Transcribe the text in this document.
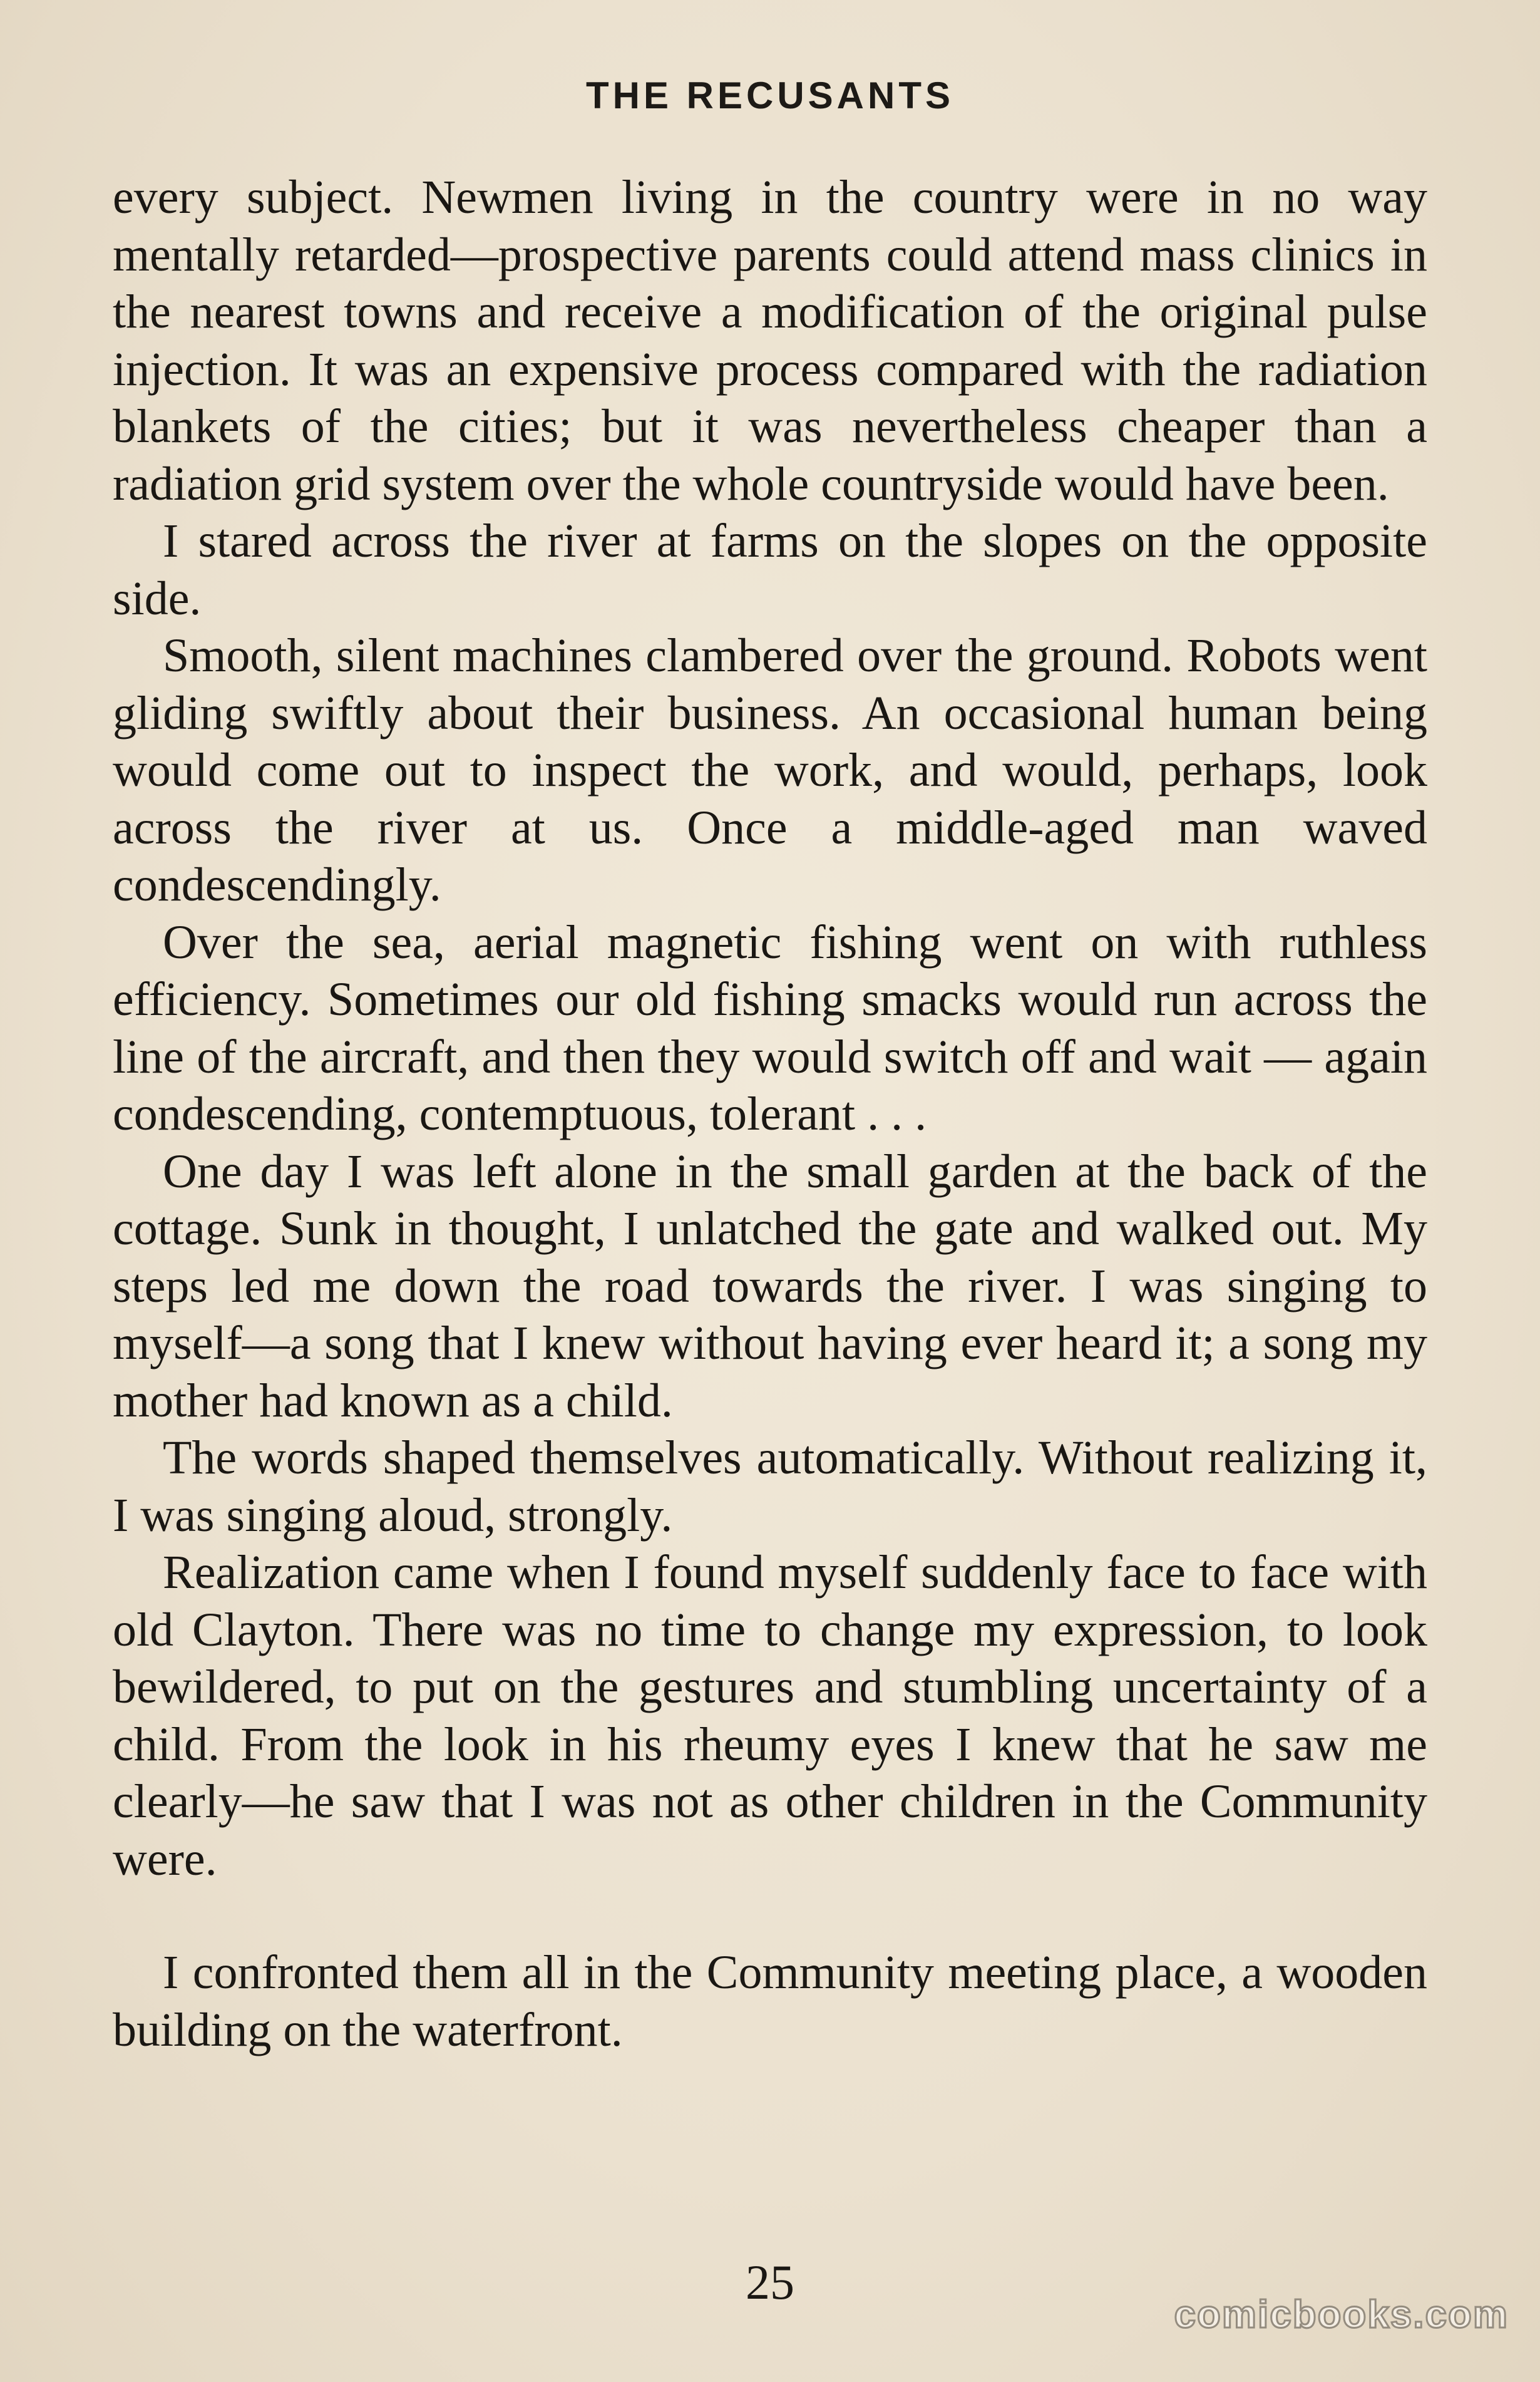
THE RECUSANTS

every subject. Newmen living in the country were in no way mentally retarded—prospective parents could attend mass clinics in the nearest towns and receive a modification of the original pulse injection. It was an expensive process compared with the radiation blankets of the cities; but it was nevertheless cheaper than a radiation grid system over the whole countryside would have been.

I stared across the river at farms on the slopes on the opposite side.

Smooth, silent machines clambered over the ground. Robots went gliding swiftly about their business. An occasional human being would come out to inspect the work, and would, perhaps, look across the river at us. Once a middle-aged man waved condescendingly.

Over the sea, aerial magnetic fishing went on with ruthless efficiency. Sometimes our old fishing smacks would run across the line of the aircraft, and then they would switch off and wait — again condescending, contemptuous, tolerant . . .

One day I was left alone in the small garden at the back of the cottage. Sunk in thought, I unlatched the gate and walked out. My steps led me down the road towards the river. I was singing to myself—a song that I knew without having ever heard it; a song my mother had known as a child.

The words shaped themselves automatically. Without realizing it, I was singing aloud, strongly.

Realization came when I found myself suddenly face to face with old Clayton. There was no time to change my expression, to look bewildered, to put on the gestures and stumbling uncertainty of a child. From the look in his rheumy eyes I knew that he saw me clearly—he saw that I was not as other children in the Community were.

I confronted them all in the Community meeting place, a wooden building on the waterfront.

25
comicbooks.com
